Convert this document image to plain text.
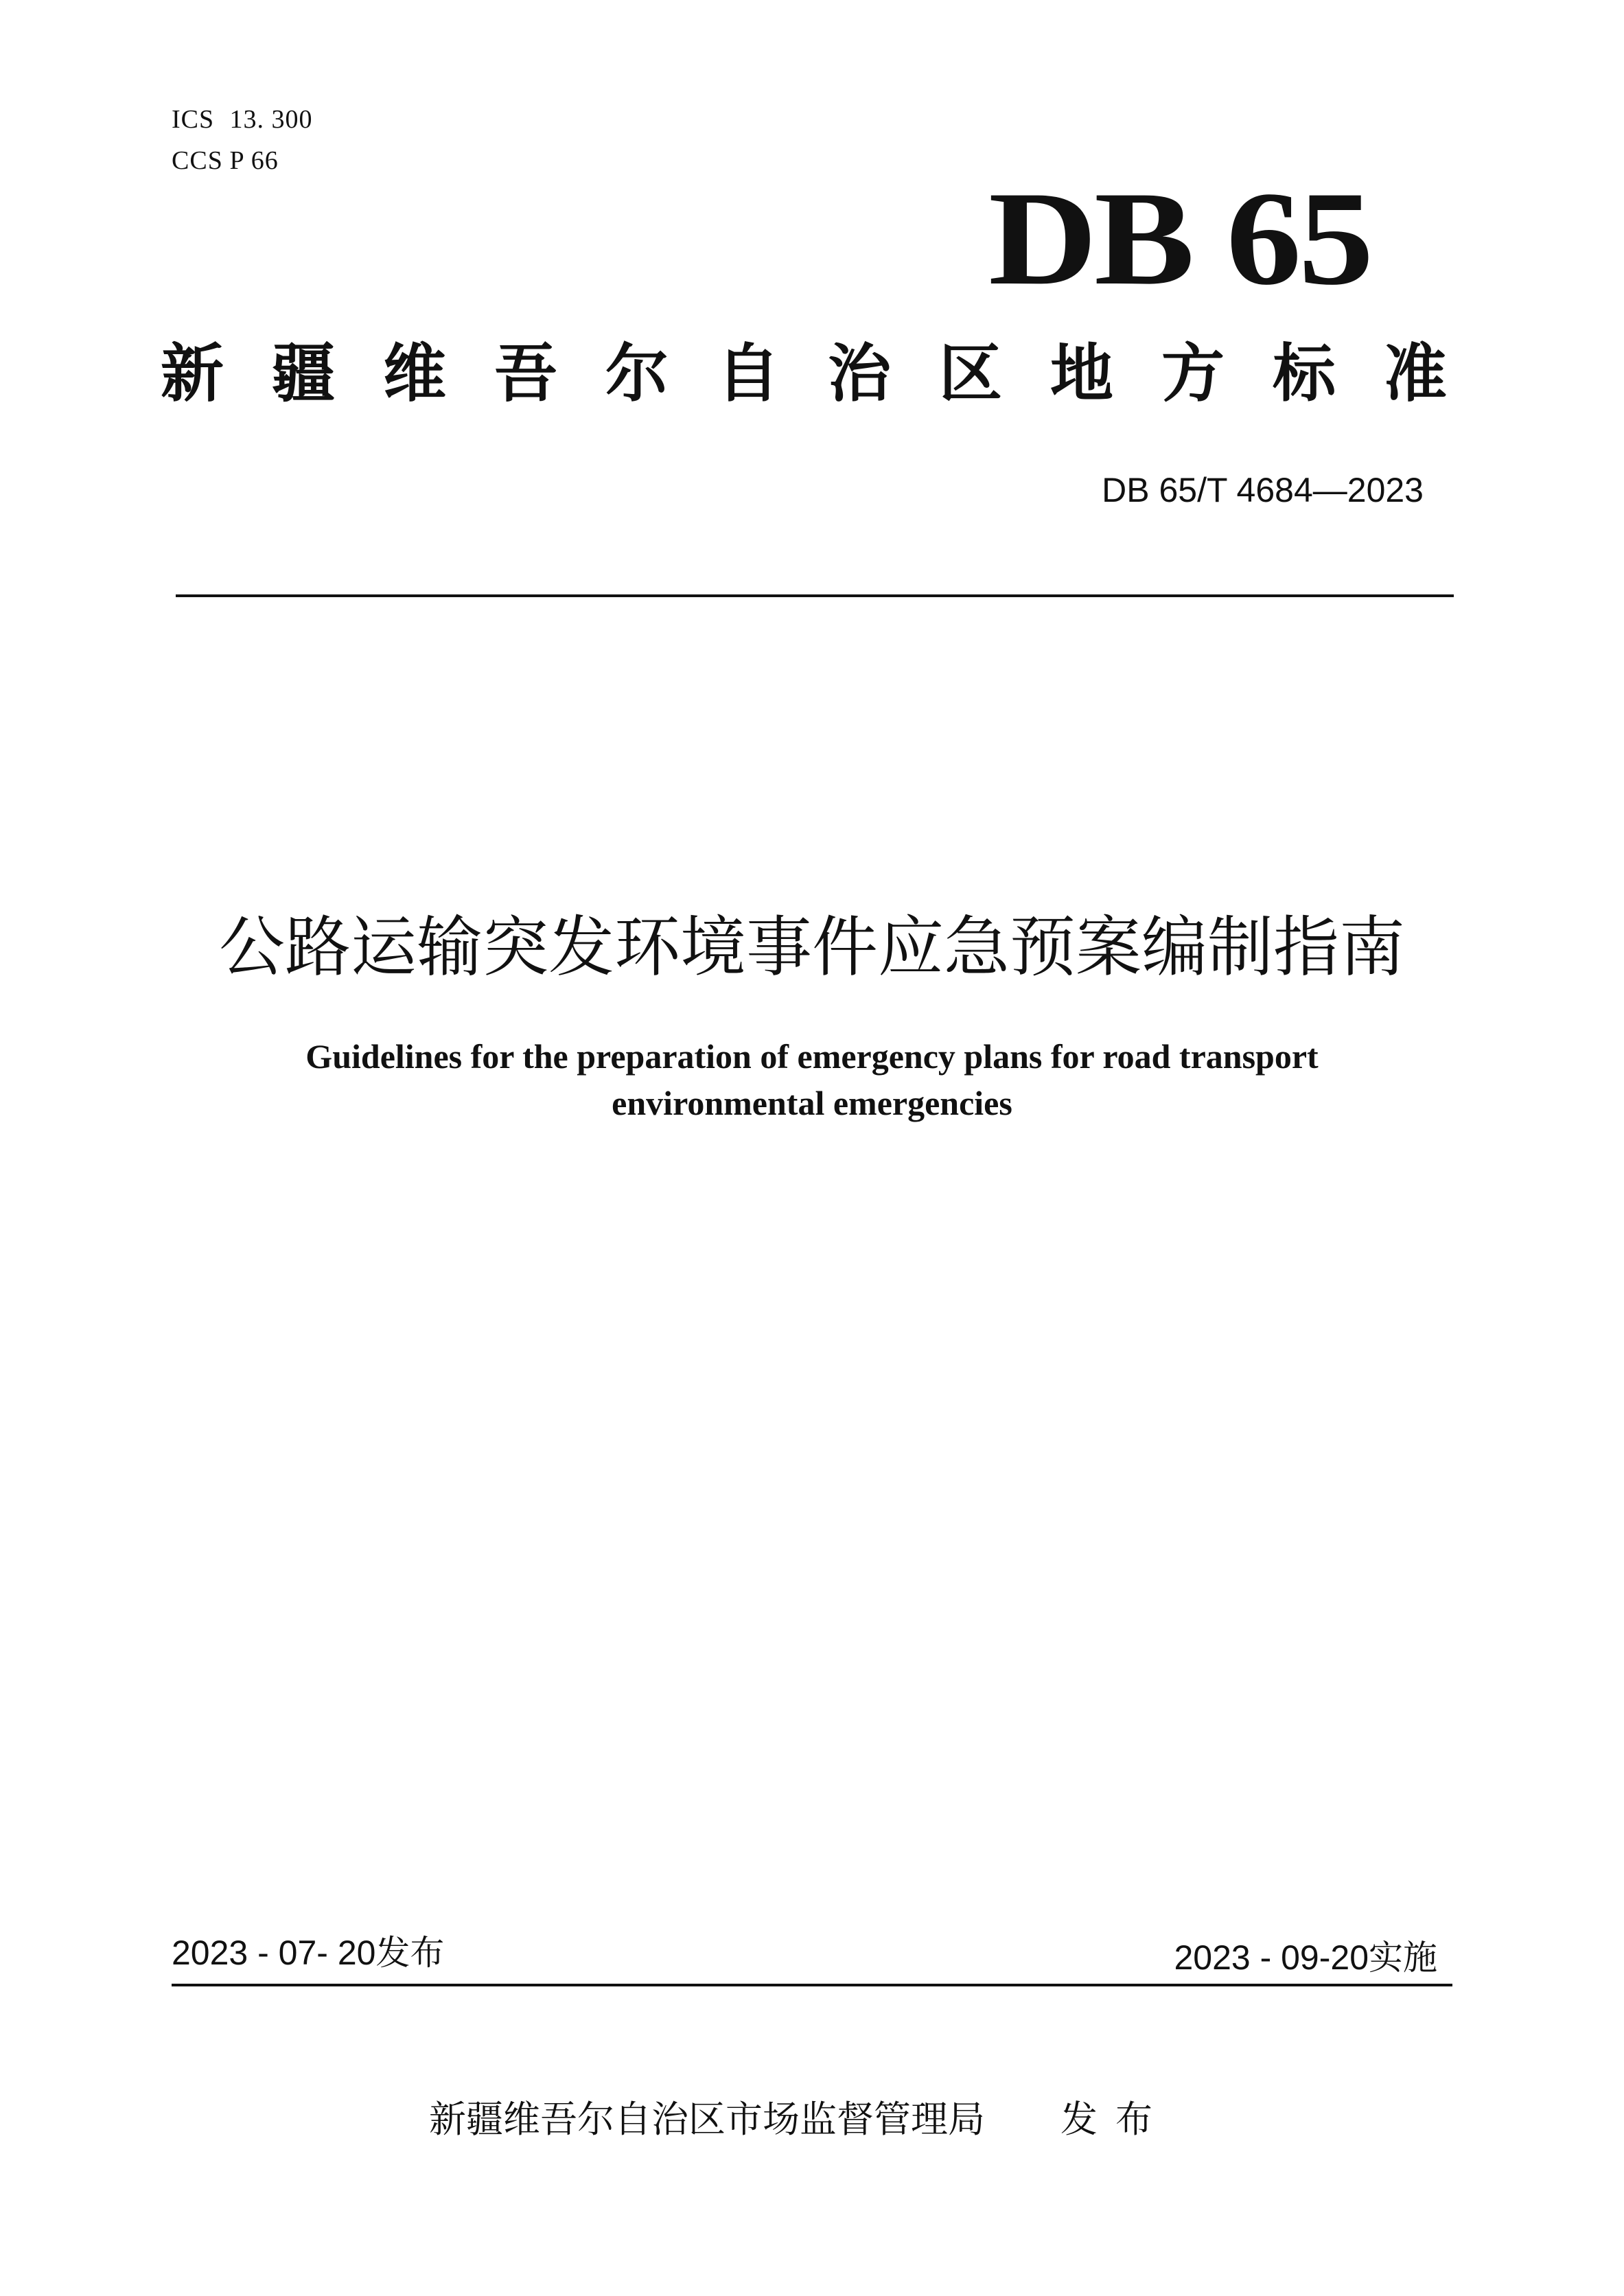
ICS 13. 300
CCS P 66
DB 65
新疆维吾尔自治区地方标准
DB 65/T 4684—2023
公路运输突发环境事件应急预案编制指南
Guidelines for the preparation of emergency plans for road transport
environmental emergencies
2023 - 07- 20发布	2023 - 09-20实施
新疆维吾尔自治区市场监督管理局 发布
